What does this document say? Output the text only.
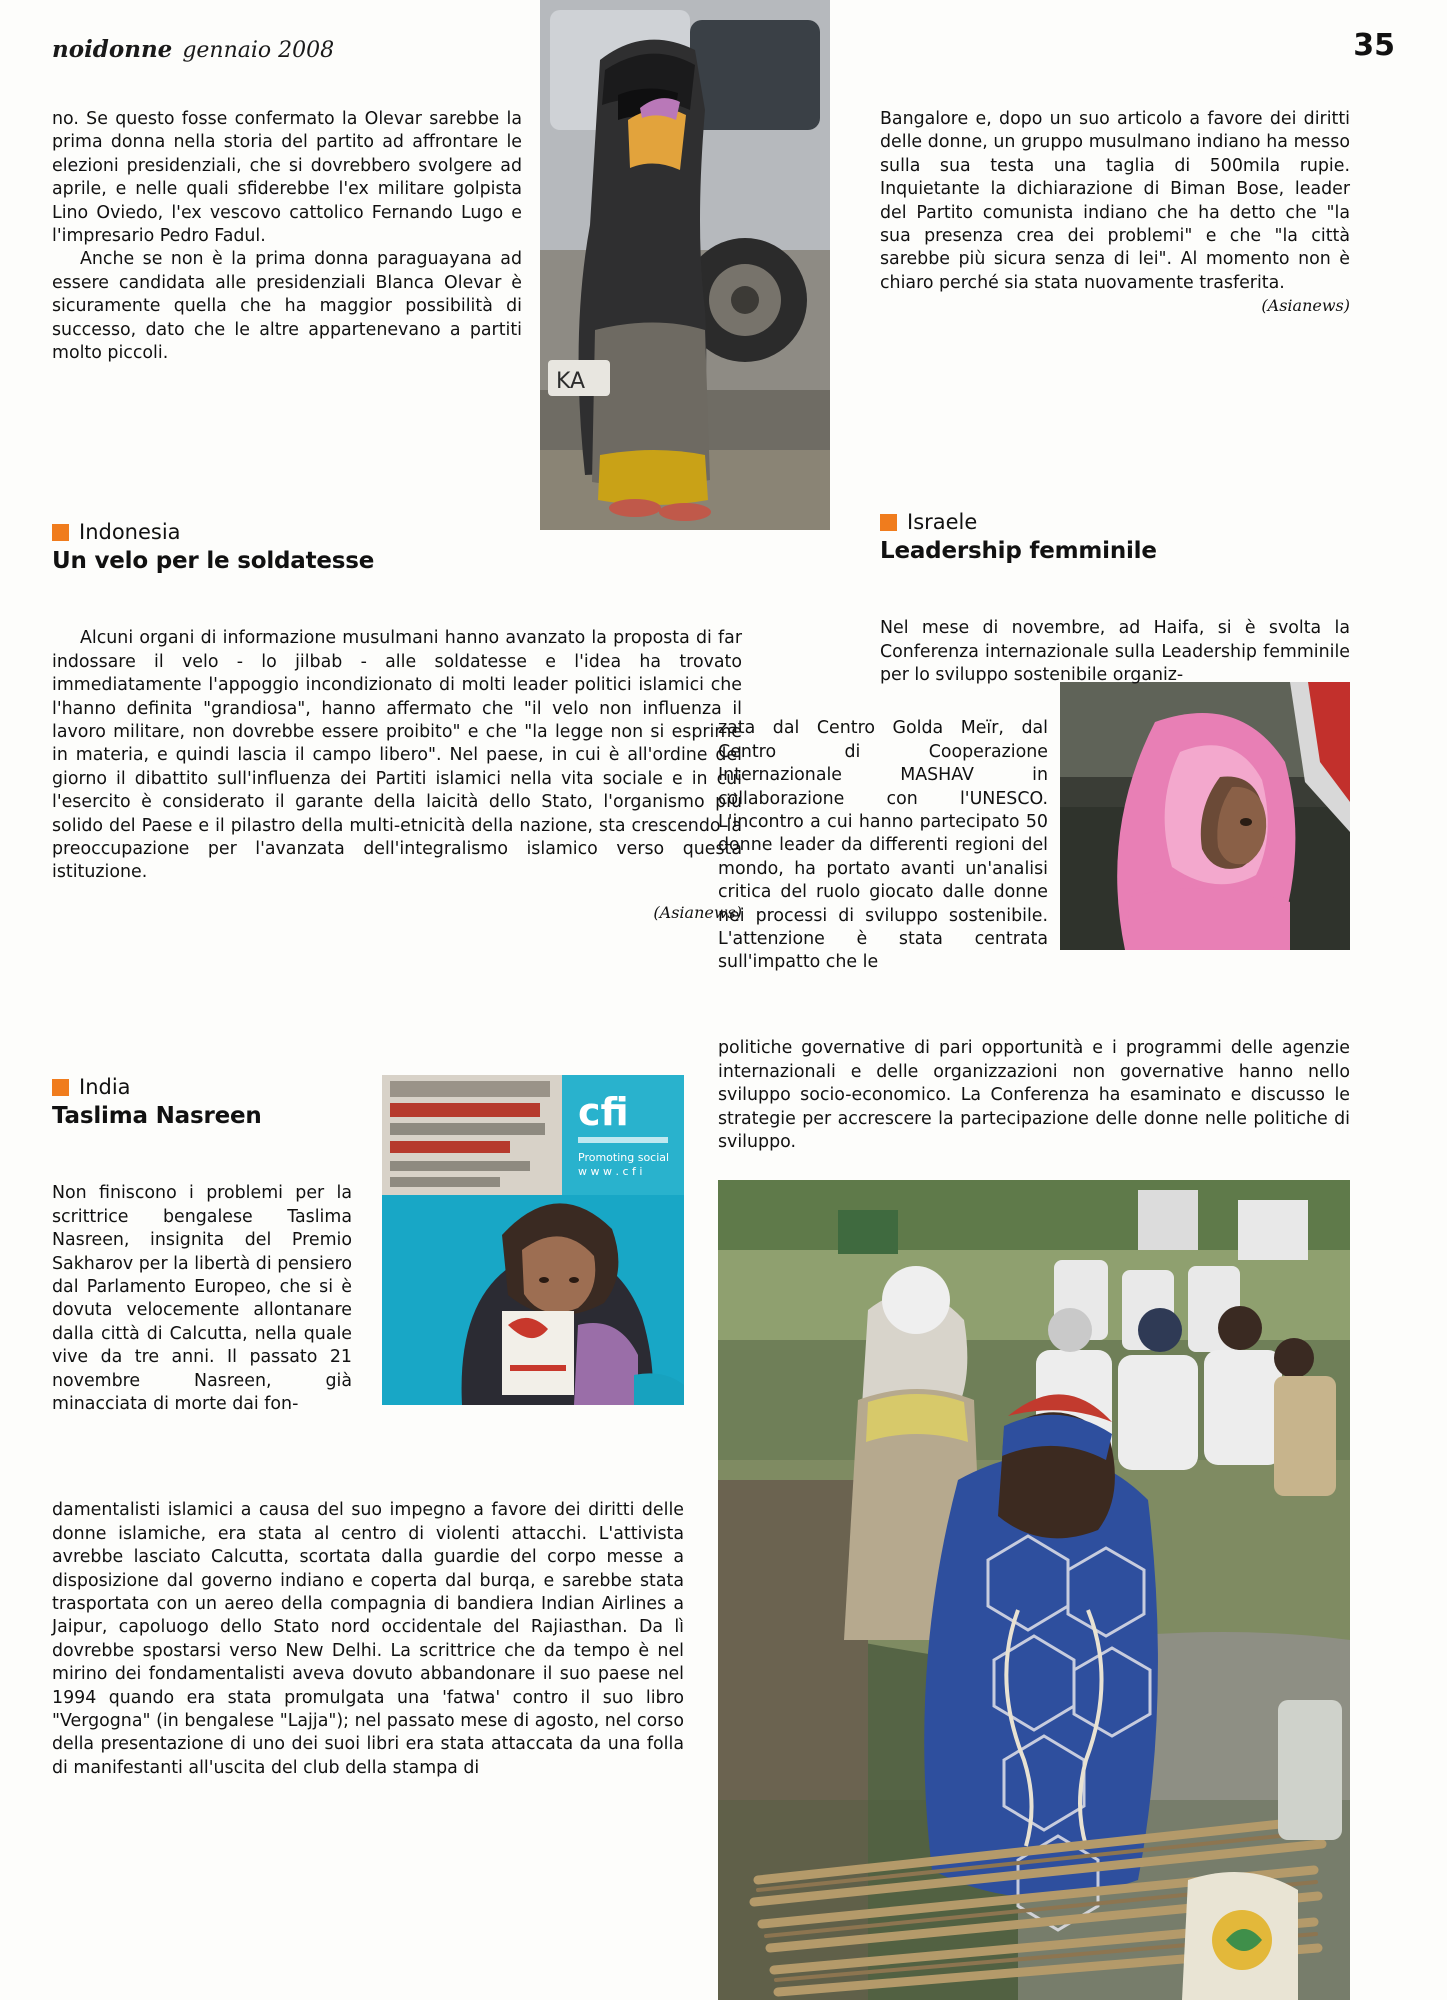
noidonne gennaio 2008	35
KA
cfi
Promoting social
w w w . c f i

no. Se questo fosse confermato la Olevar sarebbe la prima donna nella storia del partito ad affrontare le elezioni presidenziali, che si dovrebbero svolgere ad aprile, e nelle quali sfiderebbe l'ex militare golpista Lino Oviedo, l'ex vescovo cattolico Fernando Lugo e l'impresario Pedro Fadul.

Anche se non è la prima donna paraguayana ad essere candidata alle presidenziali Blanca Olevar è sicuramente quella che ha maggior possibilità di successo, dato che le altre appartenevano a partiti molto piccoli.

Bangalore e, dopo un suo articolo a favore dei diritti delle donne, un gruppo musulmano indiano ha messo sulla sua testa una taglia di 500mila rupie. Inquietante la dichiarazione di Biman Bose, leader del Partito comunista indiano che ha detto che "la sua presenza crea dei problemi" e che "la città sarebbe più sicura senza di lei". Al momento non è chiaro perché sia stata nuovamente trasferita.

(Asianews)

Indonesia
Un velo per le soldatesse

Alcuni organi di informazione musulmani hanno avanzato la proposta di far indossare il velo - lo jilbab - alle soldatesse e l'idea ha trovato immediatamente l'appoggio incondizionato di molti leader politici islamici che l'hanno definita "grandiosa", hanno affermato che "il velo non influenza il lavoro militare, non dovrebbe essere proibito" e che "la legge non si esprime in materia, e quindi lascia il campo libero". Nel paese, in cui è all'ordine del giorno il dibattito sull'influenza dei Partiti islamici nella vita sociale e in cui l'esercito è considerato il garante della laicità dello Stato, l'organismo più solido del Paese e il pilastro della multi-etnicità della nazione, sta crescendo la preoccupazione per l'avanzata dell'integralismo islamico verso questa istituzione.

(Asianews)

Israele
Leadership femminile

Nel mese di novembre, ad Haifa, si è svolta la Conferenza internazionale sulla Leadership femminile per lo sviluppo sostenibile organiz-

zata dal Centro Golda Meïr, dal Centro di Cooperazione Internazionale MASHAV in collaborazione con l'UNESCO. L'incontro a cui hanno partecipato 50 donne leader da differenti regioni del mondo, ha portato avanti un'analisi critica del ruolo giocato dalle donne nei processi di sviluppo sostenibile. L'attenzione è stata centrata sull'impatto che le

politiche governative di pari opportunità e i programmi delle agenzie internazionali e delle organizzazioni non governative hanno nello sviluppo socio-economico. La Conferenza ha esaminato e discusso le strategie per accrescere la partecipazione delle donne nelle politiche di sviluppo.

India
Taslima Nasreen

Non finiscono i problemi per la scrittrice bengalese Taslima Nasreen, insignita del Premio Sakharov per la libertà di pensiero dal Parlamento Europeo, che si è dovuta velocemente allontanare dalla città di Calcutta, nella quale vive da tre anni. Il passato 21 novembre Nasreen, già minacciata di morte dai fon-

damentalisti islamici a causa del suo impegno a favore dei diritti delle donne islamiche, era stata al centro di violenti attacchi. L'attivista avrebbe lasciato Calcutta, scortata dalla guardie del corpo messe a disposizione dal governo indiano e coperta dal burqa, e sarebbe stata trasportata con un aereo della compagnia di bandiera Indian Airlines a Jaipur, capoluogo dello Stato nord occidentale del Rajiasthan. Da lì dovrebbe spostarsi verso New Delhi. La scrittrice che da tempo è nel mirino dei fondamentalisti aveva dovuto abbandonare il suo paese nel 1994 quando era stata promulgata una 'fatwa' contro il suo libro "Vergogna" (in bengalese "Lajja"); nel passato mese di agosto, nel corso della presentazione di uno dei suoi libri era stata attaccata da una folla di manifestanti all'uscita del club della stampa di
